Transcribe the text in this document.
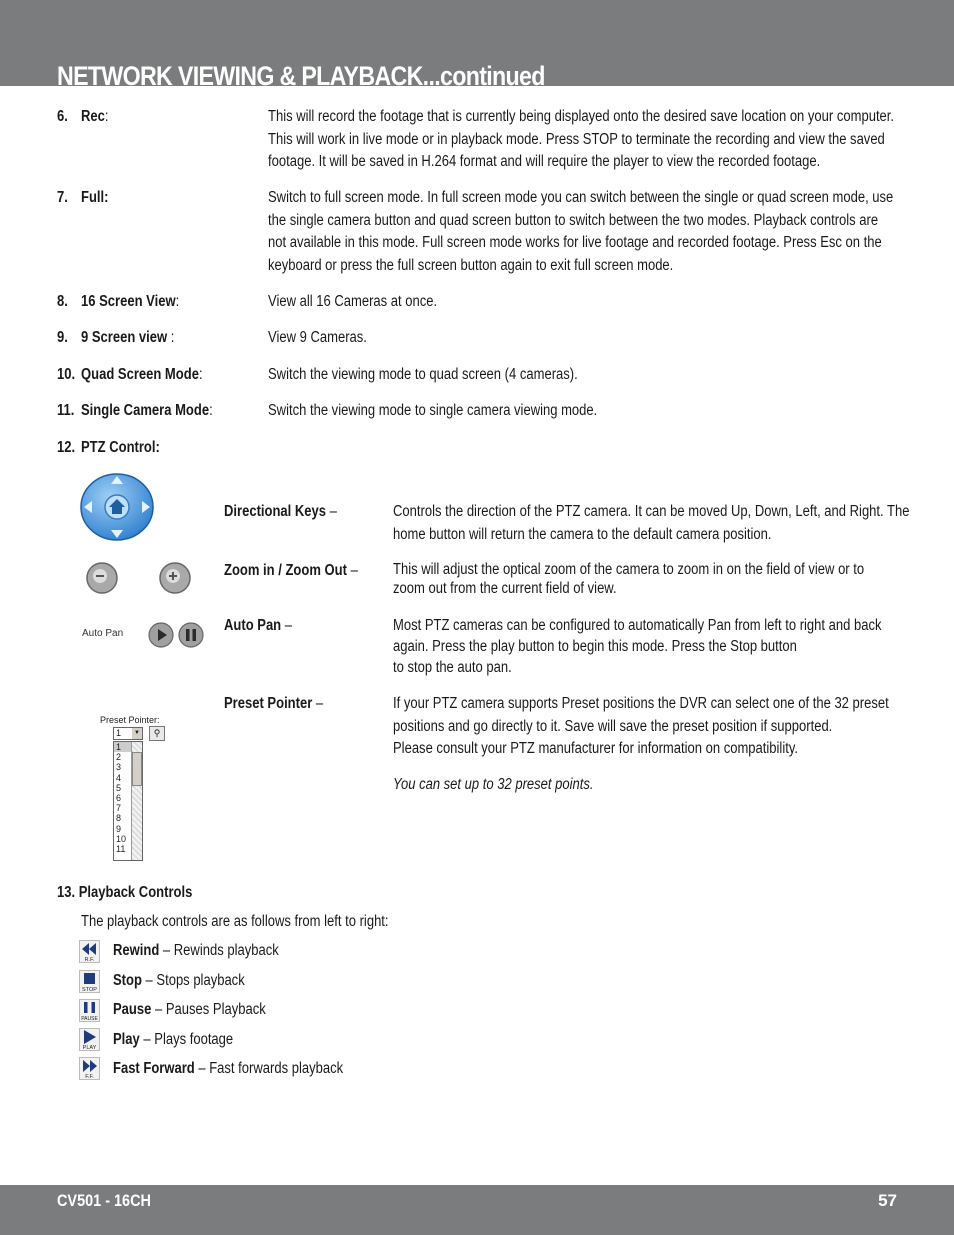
NETWORK VIEWING & PLAYBACK...continued
6. Rec:	This will record the footage that is currently being displayed onto the desired save location on your computer.
This will work in live mode or in playback mode. Press STOP to terminate the recording and view the saved
footage. It will be saved in H.264 format and will require the player to view the recorded footage.
7. Full:	Switch to full screen mode. In full screen mode you can switch between the single or quad screen mode, use
the single camera button and quad screen button to switch between the two modes. Playback controls are
not available in this mode. Full screen mode works for live footage and recorded footage. Press Esc on the
keyboard or press the full screen button again to exit full screen mode.
8. 16 Screen View:	View all 16 Cameras at once.
9. 9 Screen view :	View 9 Cameras.
10. Quad Screen Mode:	Switch the viewing mode to quad screen (4 cameras).
11. Single Camera Mode:	Switch the viewing mode to single camera viewing mode.
12. PTZ Control:
Auto Pan
Preset Pointer:
1	▼	⚲
1
2
3
4
5
6
7
8
9
10
11
Directional Keys –	Controls the direction of the PTZ camera. It can be moved Up, Down, Left, and Right. The
home button will return the camera to the default camera position.
Zoom in / Zoom Out – This will adjust the optical zoom of the camera to zoom in on the field of view or to
zoom out from the current field of view.
Auto Pan –	Most PTZ cameras can be configured to automatically Pan from left to right and back
again. Press the play button to begin this mode. Press the Stop button
to stop the auto pan.
Preset Pointer –	If your PTZ camera supports Preset positions the DVR can select one of the 32 preset
positions and go directly to it. Save will save the preset position if supported.
Please consult your PTZ manufacturer for information on compatibility.
You can set up to 32 preset points.
13. Playback Controls
The playback controls are as follows from left to right:
R.F.
STOP
PAUSE
PLAY
F.F.
Rewind – Rewinds playback
Stop – Stops playback
Pause – Pauses Playback
Play – Plays footage
Fast Forward – Fast forwards playback
CV501 - 16CH	57
